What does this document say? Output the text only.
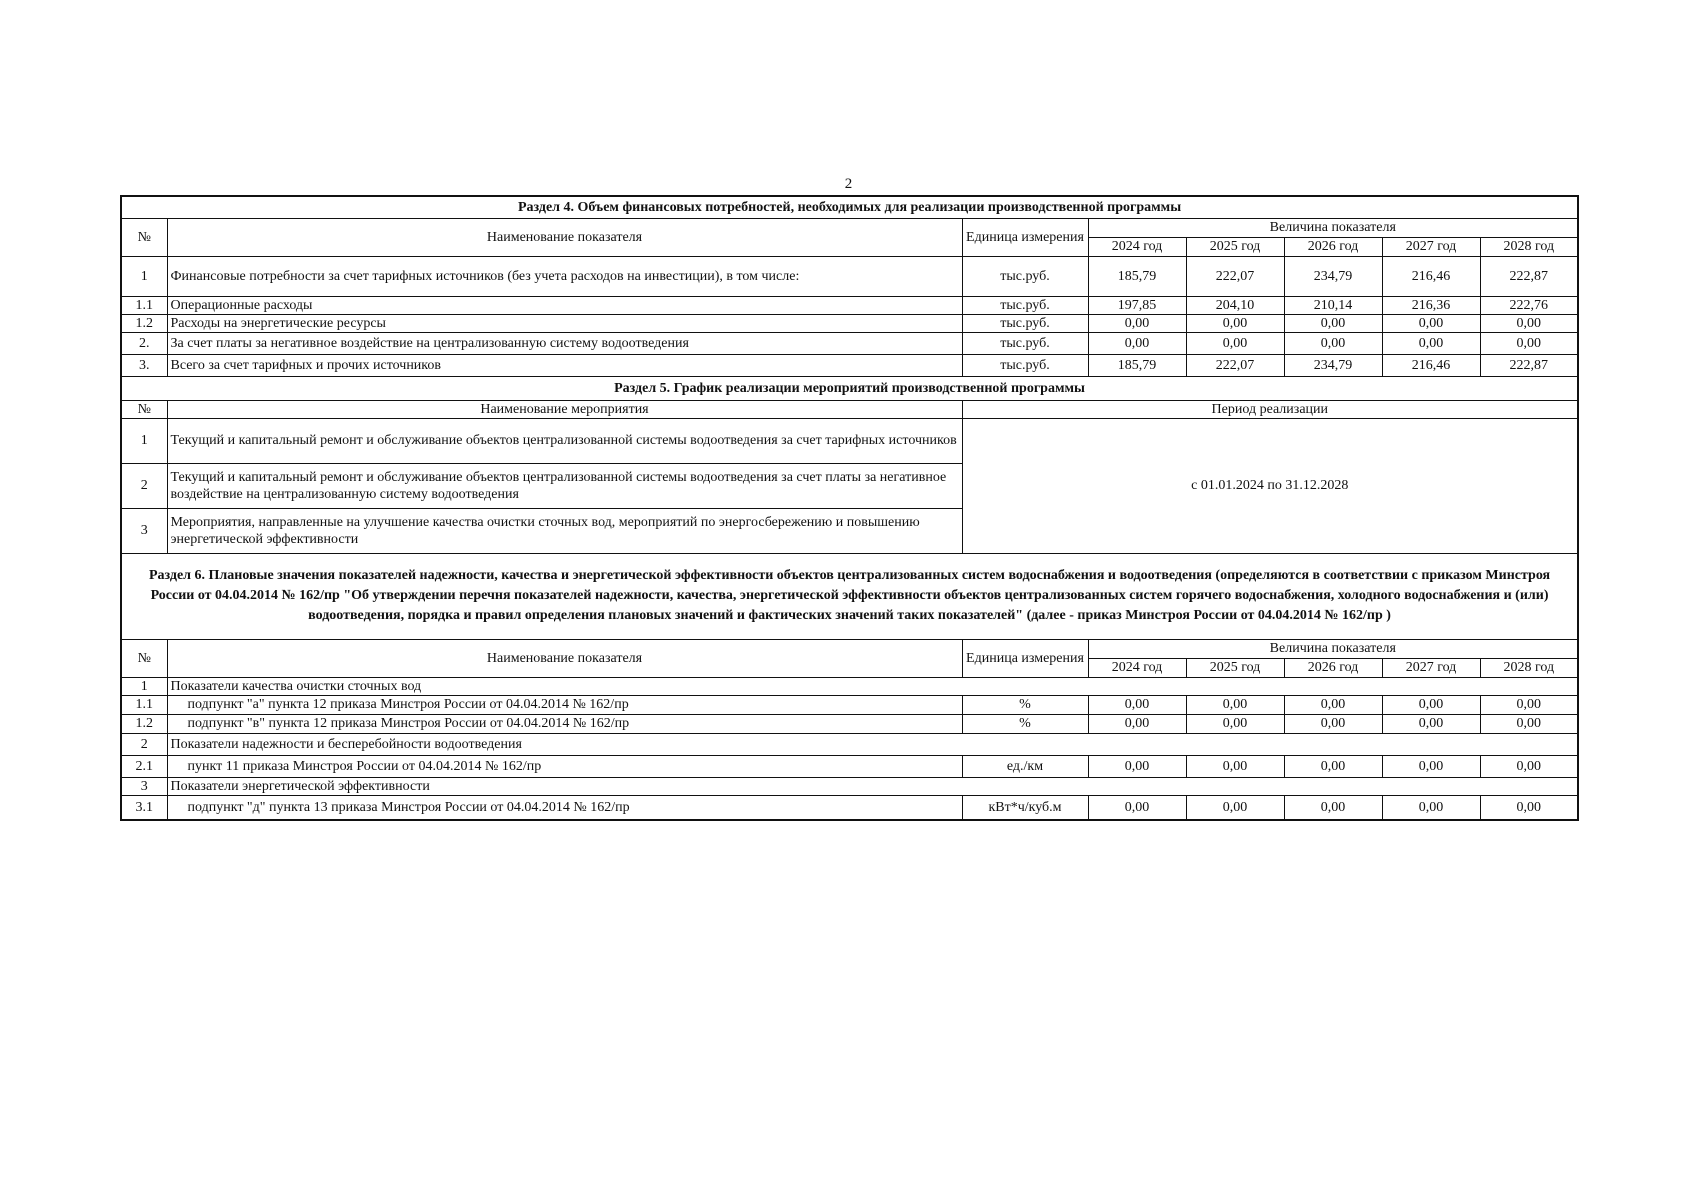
2
Раздел 4. Объем финансовых потребностей, необходимых для реализации производственной программы							
№	Наименование показателя	Единица измерения	Величина показателя				
			2024 год	2025 год	2026 год	2027 год	2028 год
1	Финансовые потребности за счет тарифных источников (без учета расходов на инвестиции), в том числе:	тыс.руб.	185,79	222,07	234,79	216,46	222,87
1.1	Операционные расходы	тыс.руб.	197,85	204,10	210,14	216,36	222,76
1.2	Расходы на энергетические ресурсы	тыс.руб.	0,00	0,00	0,00	0,00	0,00
2.	За счет платы за негативное воздействие на централизованную систему водоотведения	тыс.руб.	0,00	0,00	0,00	0,00	0,00
3.	Всего за счет тарифных и прочих источников	тыс.руб.	185,79	222,07	234,79	216,46	222,87
Раздел 5. График реализации мероприятий производственной программы							
№	Наименование мероприятия	Период реализации					
1	Текущий и капитальный ремонт и обслуживание объектов централизованной системы водоотведения за счет тарифных источников	с 01.01.2024 по 31.12.2028					
2	Текущий и капитальный ремонт и обслуживание объектов централизованной системы водоотведения за счет платы за негативное воздействие на централизованную систему водоотведения						
3	Мероприятия, направленные на улучшение качества очистки сточных вод, мероприятий по энергосбережению и повышению энергетической эффективности						
Раздел 6. Плановые значения показателей надежности, качества и энергетической эффективности объектов централизованных систем водоснабжения и водоотведения (определяются в соответствии с приказом Минстроя России от 04.04.2014 № 162/пр "Об утверждении перечня показателей надежности, качества, энергетической эффективности объектов централизованных систем горячего водоснабжения, холодного водоснабжения и (или) водоотведения, порядка и правил определения плановых значений и фактических значений таких показателей" (далее - приказ Минстроя России от 04.04.2014 № 162/пр )							
№	Наименование показателя	Единица измерения	Величина показателя				
			2024 год	2025 год	2026 год	2027 год	2028 год
1	Показатели качества очистки сточных вод						
1.1	подпункт "а" пункта 12 приказа Минстроя России от 04.04.2014 № 162/пр	%	0,00	0,00	0,00	0,00	0,00
1.2	подпункт "в" пункта 12 приказа Минстроя России от 04.04.2014 № 162/пр	%	0,00	0,00	0,00	0,00	0,00
2	Показатели надежности и бесперебойности водоотведения						
2.1	пункт 11 приказа Минстроя России от 04.04.2014 № 162/пр	ед./км	0,00	0,00	0,00	0,00	0,00
3	Показатели энергетической эффективности						
3.1	подпункт "д" пункта 13 приказа Минстроя России от 04.04.2014 № 162/пр	кВт*ч/куб.м	0,00	0,00	0,00	0,00	0,00
